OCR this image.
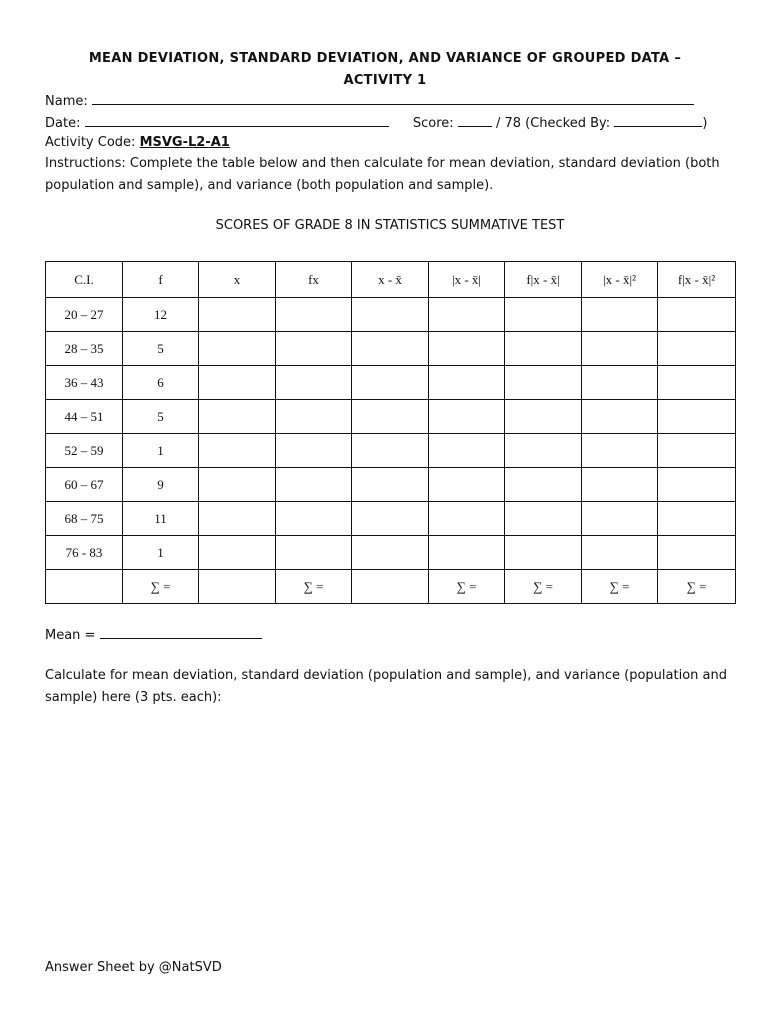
MEAN DEVIATION, STANDARD DEVIATION, AND VARIANCE OF GROUPED DATA –
ACTIVITY 1
Name:
Date:	Score:	/ 78 (Checked By:	)
Activity Code: MSVG-L2-A1
Instructions: Complete the table below and then calculate for mean deviation, standard deviation (both population and sample), and variance (both population and sample).
SCORES OF GRADE 8 IN STATISTICS SUMMATIVE TEST
C.I.	f	x	fx	x - x̄	|x - x̄|	f|x - x̄|	|x - x̄|²	f|x - x̄|²
20 – 27	12							
28 – 35	5							
36 – 43	6							
44 – 51	5							
52 – 59	1							
60 – 67	9							
68 – 75	11							
76 - 83	1							
	∑ =		∑ =		∑ =	∑ =	∑ =	∑ =
Mean =
Calculate for mean deviation, standard deviation (population and sample), and variance (population and sample) here (3 pts. each):
Answer Sheet by @NatSVD
